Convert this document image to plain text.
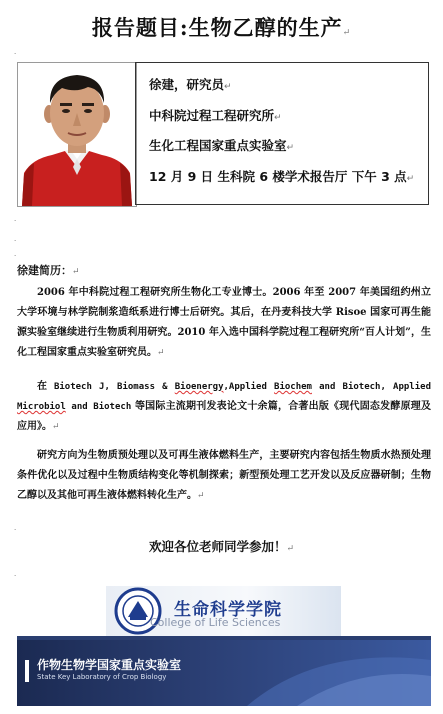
报告题目:生物乙醇的生产↵
.
徐建，研究员↵
中科院过程工程研究所↵
生化工程国家重点实验室↵
12 月 9 日 生科院 6 楼学术报告厅 下午 3 点↵
.
.
.
徐建简历：↵
2006 年中科院过程工程研究所生物化工专业博士。2006 年至 2007 年美国纽约州立大学环境与林学院制浆造纸系进行博士后研究。其后，在丹麦科技大学 Risoe 国家可再生能源实验室继续进行生物质利用研究。2010 年入选中国科学院过程工程研究所“百人计划”，生化工程国家重点实验室研究员。↵
在 Biotech J, Biomass & Bioenergy,Applied Biochem and Biotech, Applied Microbiol and Biotech 等国际主流期刊发表论文十余篇，合著出版《现代固态发酵原理及应用》。↵
研究方向为生物质预处理以及可再生液体燃料生产，主要研究内容包括生物质水热预处理条件优化以及过程中生物质结构变化等机制探索；新型预处理工艺开发以及反应器研制；生物乙醇以及其他可再生液体燃料转化生产。↵
.
欢迎各位老师同学参加！↵
.
生命科学学院
College of Life Sciences
作物生物学国家重点实验室
State Key Laboratory of Crop Biology
